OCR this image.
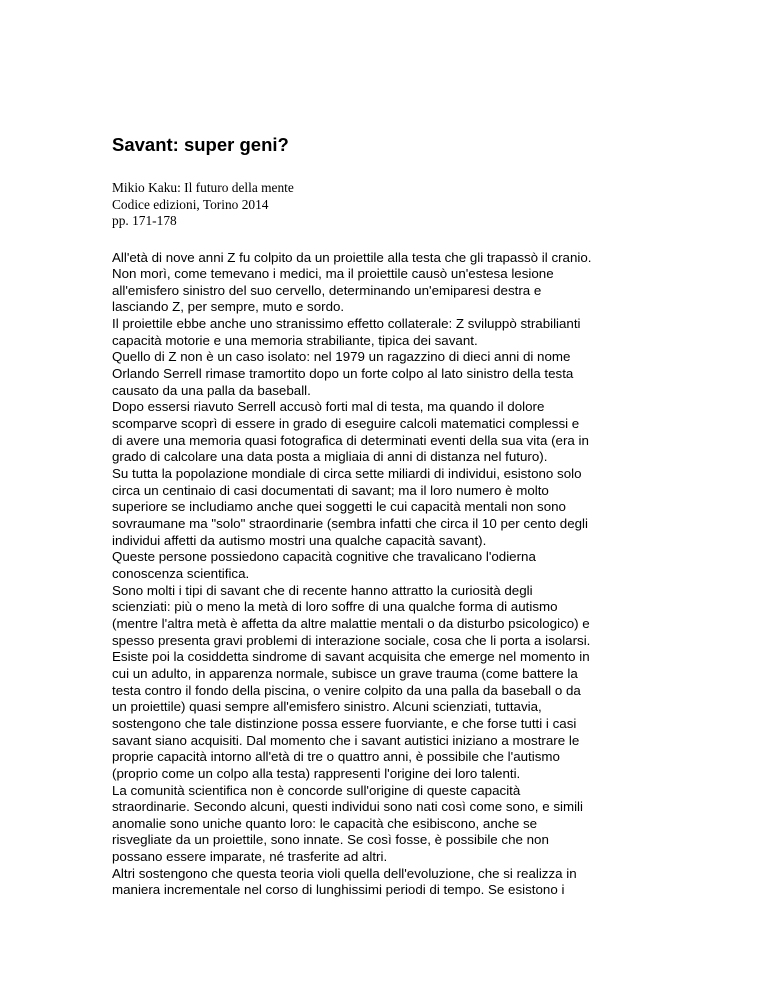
Savant: super geni?
Mikio Kaku: Il futuro della mente
Codice edizioni, Torino 2014
pp. 171-178

All'età di nove anni Z fu colpito da un proiettile alla testa che gli trapassò il cranio.

Non morì, come temevano i medici, ma il proiettile causò un'estesa lesione

all'emisfero sinistro del suo cervello, determinando un'emiparesi destra e

lasciando Z, per sempre, muto e sordo.

Il proiettile ebbe anche uno stranissimo effetto collaterale: Z sviluppò strabilianti

capacità motorie e una memoria strabiliante, tipica dei savant.

Quello di Z non è un caso isolato: nel 1979 un ragazzino di dieci anni di nome

Orlando Serrell rimase tramortito dopo un forte colpo al lato sinistro della testa

causato da una palla da baseball.

Dopo essersi riavuto Serrell accusò forti mal di testa, ma quando il dolore

scomparve scoprì di essere in grado di eseguire calcoli matematici complessi e

di avere una memoria quasi fotografica di determinati eventi della sua vita (era in

grado di calcolare una data posta a migliaia di anni di distanza nel futuro).

Su tutta la popolazione mondiale di circa sette miliardi di individui, esistono solo

circa un centinaio di casi documentati di savant; ma il loro numero è molto

superiore se includiamo anche quei soggetti le cui capacità mentali non sono

sovraumane ma "solo" straordinarie (sembra infatti che circa il 10 per cento degli

individui affetti da autismo mostri una qualche capacità savant).

Queste persone possiedono capacità cognitive che travalicano l'odierna

conoscenza scientifica.

Sono molti i tipi di savant che di recente hanno attratto la curiosità degli

scienziati: più o meno la metà di loro soffre di una qualche forma di autismo

(mentre l'altra metà è affetta da altre malattie mentali o da disturbo psicologico) e

spesso presenta gravi problemi di interazione sociale, cosa che li porta a isolarsi.

Esiste poi la cosiddetta sindrome di savant acquisita che emerge nel momento in

cui un adulto, in apparenza normale, subisce un grave trauma (come battere la

testa contro il fondo della piscina, o venire colpito da una palla da baseball o da

un proiettile) quasi sempre all'emisfero sinistro. Alcuni scienziati, tuttavia,

sostengono che tale distinzione possa essere fuorviante, e che forse tutti i casi

savant siano acquisiti. Dal momento che i savant autistici iniziano a mostrare le

proprie capacità intorno all'età di tre o quattro anni, è possibile che l'autismo

(proprio come un colpo alla testa) rappresenti l'origine dei loro talenti.

La comunità scientifica non è concorde sull'origine di queste capacità

straordinarie. Secondo alcuni, questi individui sono nati così come sono, e simili

anomalie sono uniche quanto loro: le capacità che esibiscono, anche se

risvegliate da un proiettile, sono innate. Se così fosse, è possibile che non

possano essere imparate, né trasferite ad altri.

Altri sostengono che questa teoria violi quella dell'evoluzione, che si realizza in

maniera incrementale nel corso di lunghissimi periodi di tempo. Se esistono i
